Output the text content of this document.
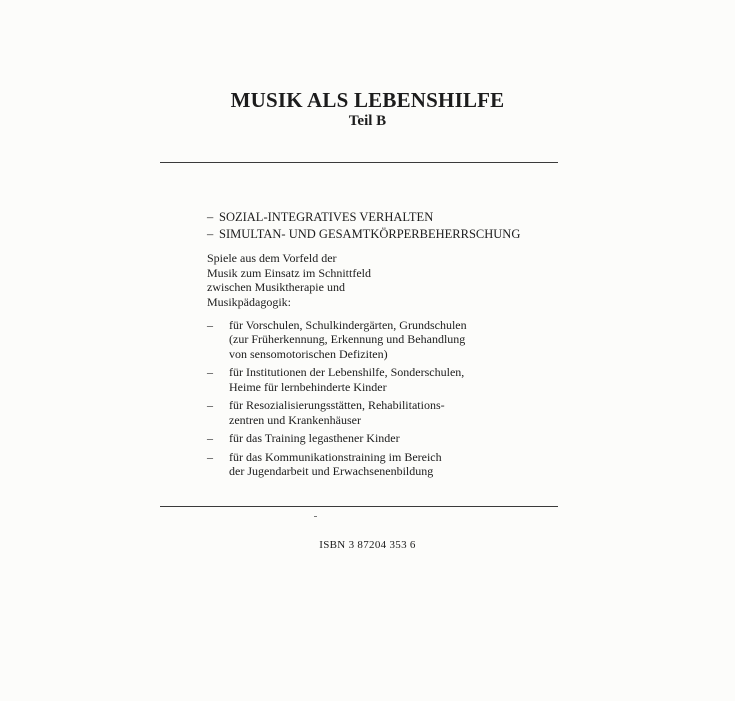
MUSIK ALS LEBENSHILFE
Teil B
– SOZIAL-INTEGRATIVES VERHALTEN
– SIMULTAN- UND GESAMTKÖRPERBEHERRSCHUNG

Spiele aus dem Vorfeld der
Musik zum Einsatz im Schnittfeld
zwischen Musiktherapie und
Musikpädagogik:

–	für Vorschulen, Schulkindergärten, Grundschulen
(zur Früherkennung, Erkennung und Behandlung
von sensomotorischen Defiziten)
–	für Institutionen der Lebenshilfe, Sonderschulen,
Heime für lernbehinderte Kinder
–	für Resozialisierungsstätten, Rehabilitations-
zentren und Krankenhäuser
–	für das Training legasthener Kinder
–	für das Kommunikationstraining im Bereich
der Jugendarbeit und Erwachsenenbildung

ISBN 3 87204 353 6
